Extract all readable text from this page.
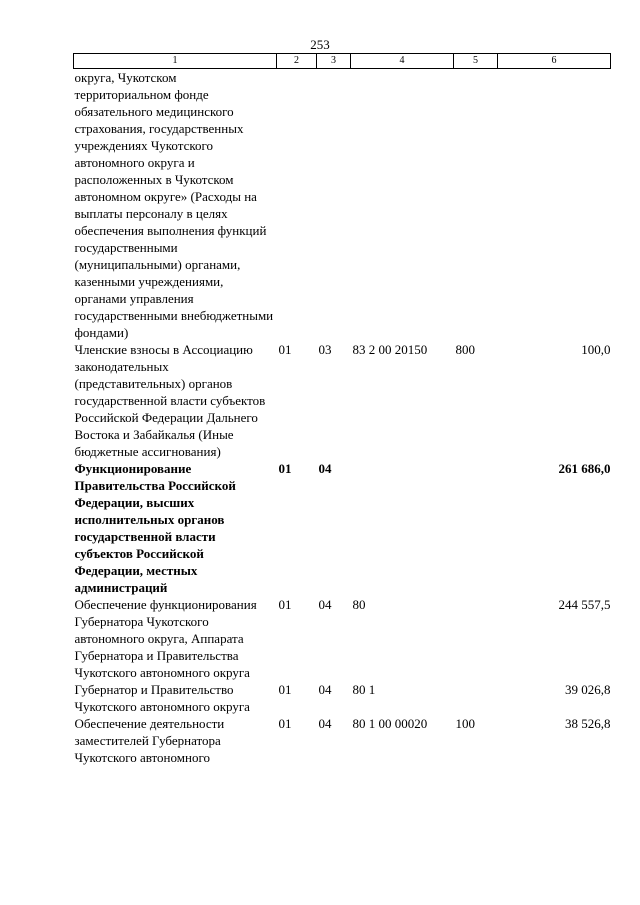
253
1	2	3	4	5	6
округа, Чукотском территориальном фонде обязательного медицинского страхования, государственных учреждениях Чукотского автономного округа и расположенных в Чукотском автономном округе» (Расходы на выплаты персоналу в целях обеспечения выполнения функций государственными (муниципальными) органами, казенными учреждениями, органами управления государственными внебюджетными фондами)					
Членские взносы в Ассоциацию законодательных (представительных) органов государственной власти субъектов Российской Федерации Дальнего Востока и Забайкалья (Иные бюджетные ассигнования)	01	03	83 2 00 20150	800	100,0
Функционирование Правительства Российской Федерации, высших исполнительных органов государственной власти субъектов Российской Федерации, местных администраций	01	04			261 686,0
Обеспечение функционирования Губернатора Чукотского автономного округа, Аппарата Губернатора и Правительства Чукотского автономного округа	01	04	80		244 557,5
Губернатор и Правительство Чукотского автономного округа	01	04	80 1		39 026,8
Обеспечение деятельности заместителей Губернатора Чукотского автономного	01	04	80 1 00 00020	100	38 526,8
